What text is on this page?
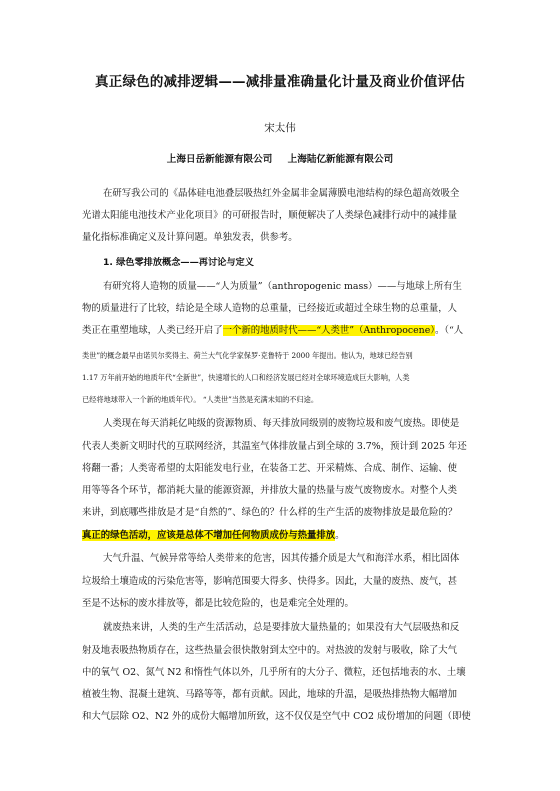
真正绿色的减排逻辑——减排量准确量化计量及商业价值评估
宋太伟
上海日岳新能源有限公司 上海陆亿新能源有限公司
在研写我公司的《晶体硅电池叠层吸热红外金属非金属薄膜电池结构的绿色超高效吸全
光谱太阳能电池技术产业化项目》的可研报告时，顺便解决了人类绿色减排行动中的减排量
量化指标准确定义及计算问题。单独发表，供参考。
1. 绿色零排放概念——再讨论与定义
有研究将人造物的质量——“人为质量”（anthropogenic mass）——与地球上所有生
物的质量进行了比较，结论是全球人造物的总重量，已经接近或超过全球生物的总重量，人
类正在重塑地球，人类已经开启了一个新的地质时代——“人类世”（Anthropocene）。（“人
类世”的概念最早由诺贝尔奖得主、荷兰大气化学家保罗·克鲁特于 2000 年提出。他认为，地球已经告别
1.17 万年前开始的地质年代“全新世”，快速增长的人口和经济发展已经对全球环境造成巨大影响，人类
已经将地球带入一个新的地质年代）。 “人类世”当然是充满未知的不归途。
人类现在每天消耗亿吨级的资源物质、每天排放同级别的废物垃圾和废气废热。即使是
代表人类新文明时代的互联网经济，其温室气体排放量占到全球的 3.7%，预计到 2025 年还
将翻一番；人类寄希望的太阳能发电行业，在装备工艺、开采精炼、合成、制作、运输、使
用等等各个环节，都消耗大量的能源资源，并排放大量的热量与废气废物废水。对整个人类
来讲，到底哪些排放是才是“自然的”、绿色的？什么样的生产生活的废物排放是最危险的？
真正的绿色活动，应该是总体不增加任何物质成份与热量排放。
大气升温、气候异常等给人类带来的危害，因其传播介质是大气和海洋水系，相比固体
垃圾给土壤造成的污染危害等，影响范围要大得多、快得多。因此，大量的废热、废气，甚
至是不达标的废水排放等，都是比较危险的，也是难完全处理的。
就废热来讲，人类的生产生活活动，总是要排放大量热量的；如果没有大气层吸热和反
射及地表吸热物质存在，这些热量会很快散射到太空中的。对热波的发射与吸收，除了大气
中的氧气 O2、氮气 N2 和惰性气体以外，几乎所有的大分子、微粒，还包括地表的水、土壤
植被生物、混凝土建筑、马路等等，都有贡献。因此，地球的升温，是吸热排热物大幅增加
和大气层除 O2、N2 外的成份大幅增加所致，这不仅仅是空气中 CO2 成份增加的问题（即使
